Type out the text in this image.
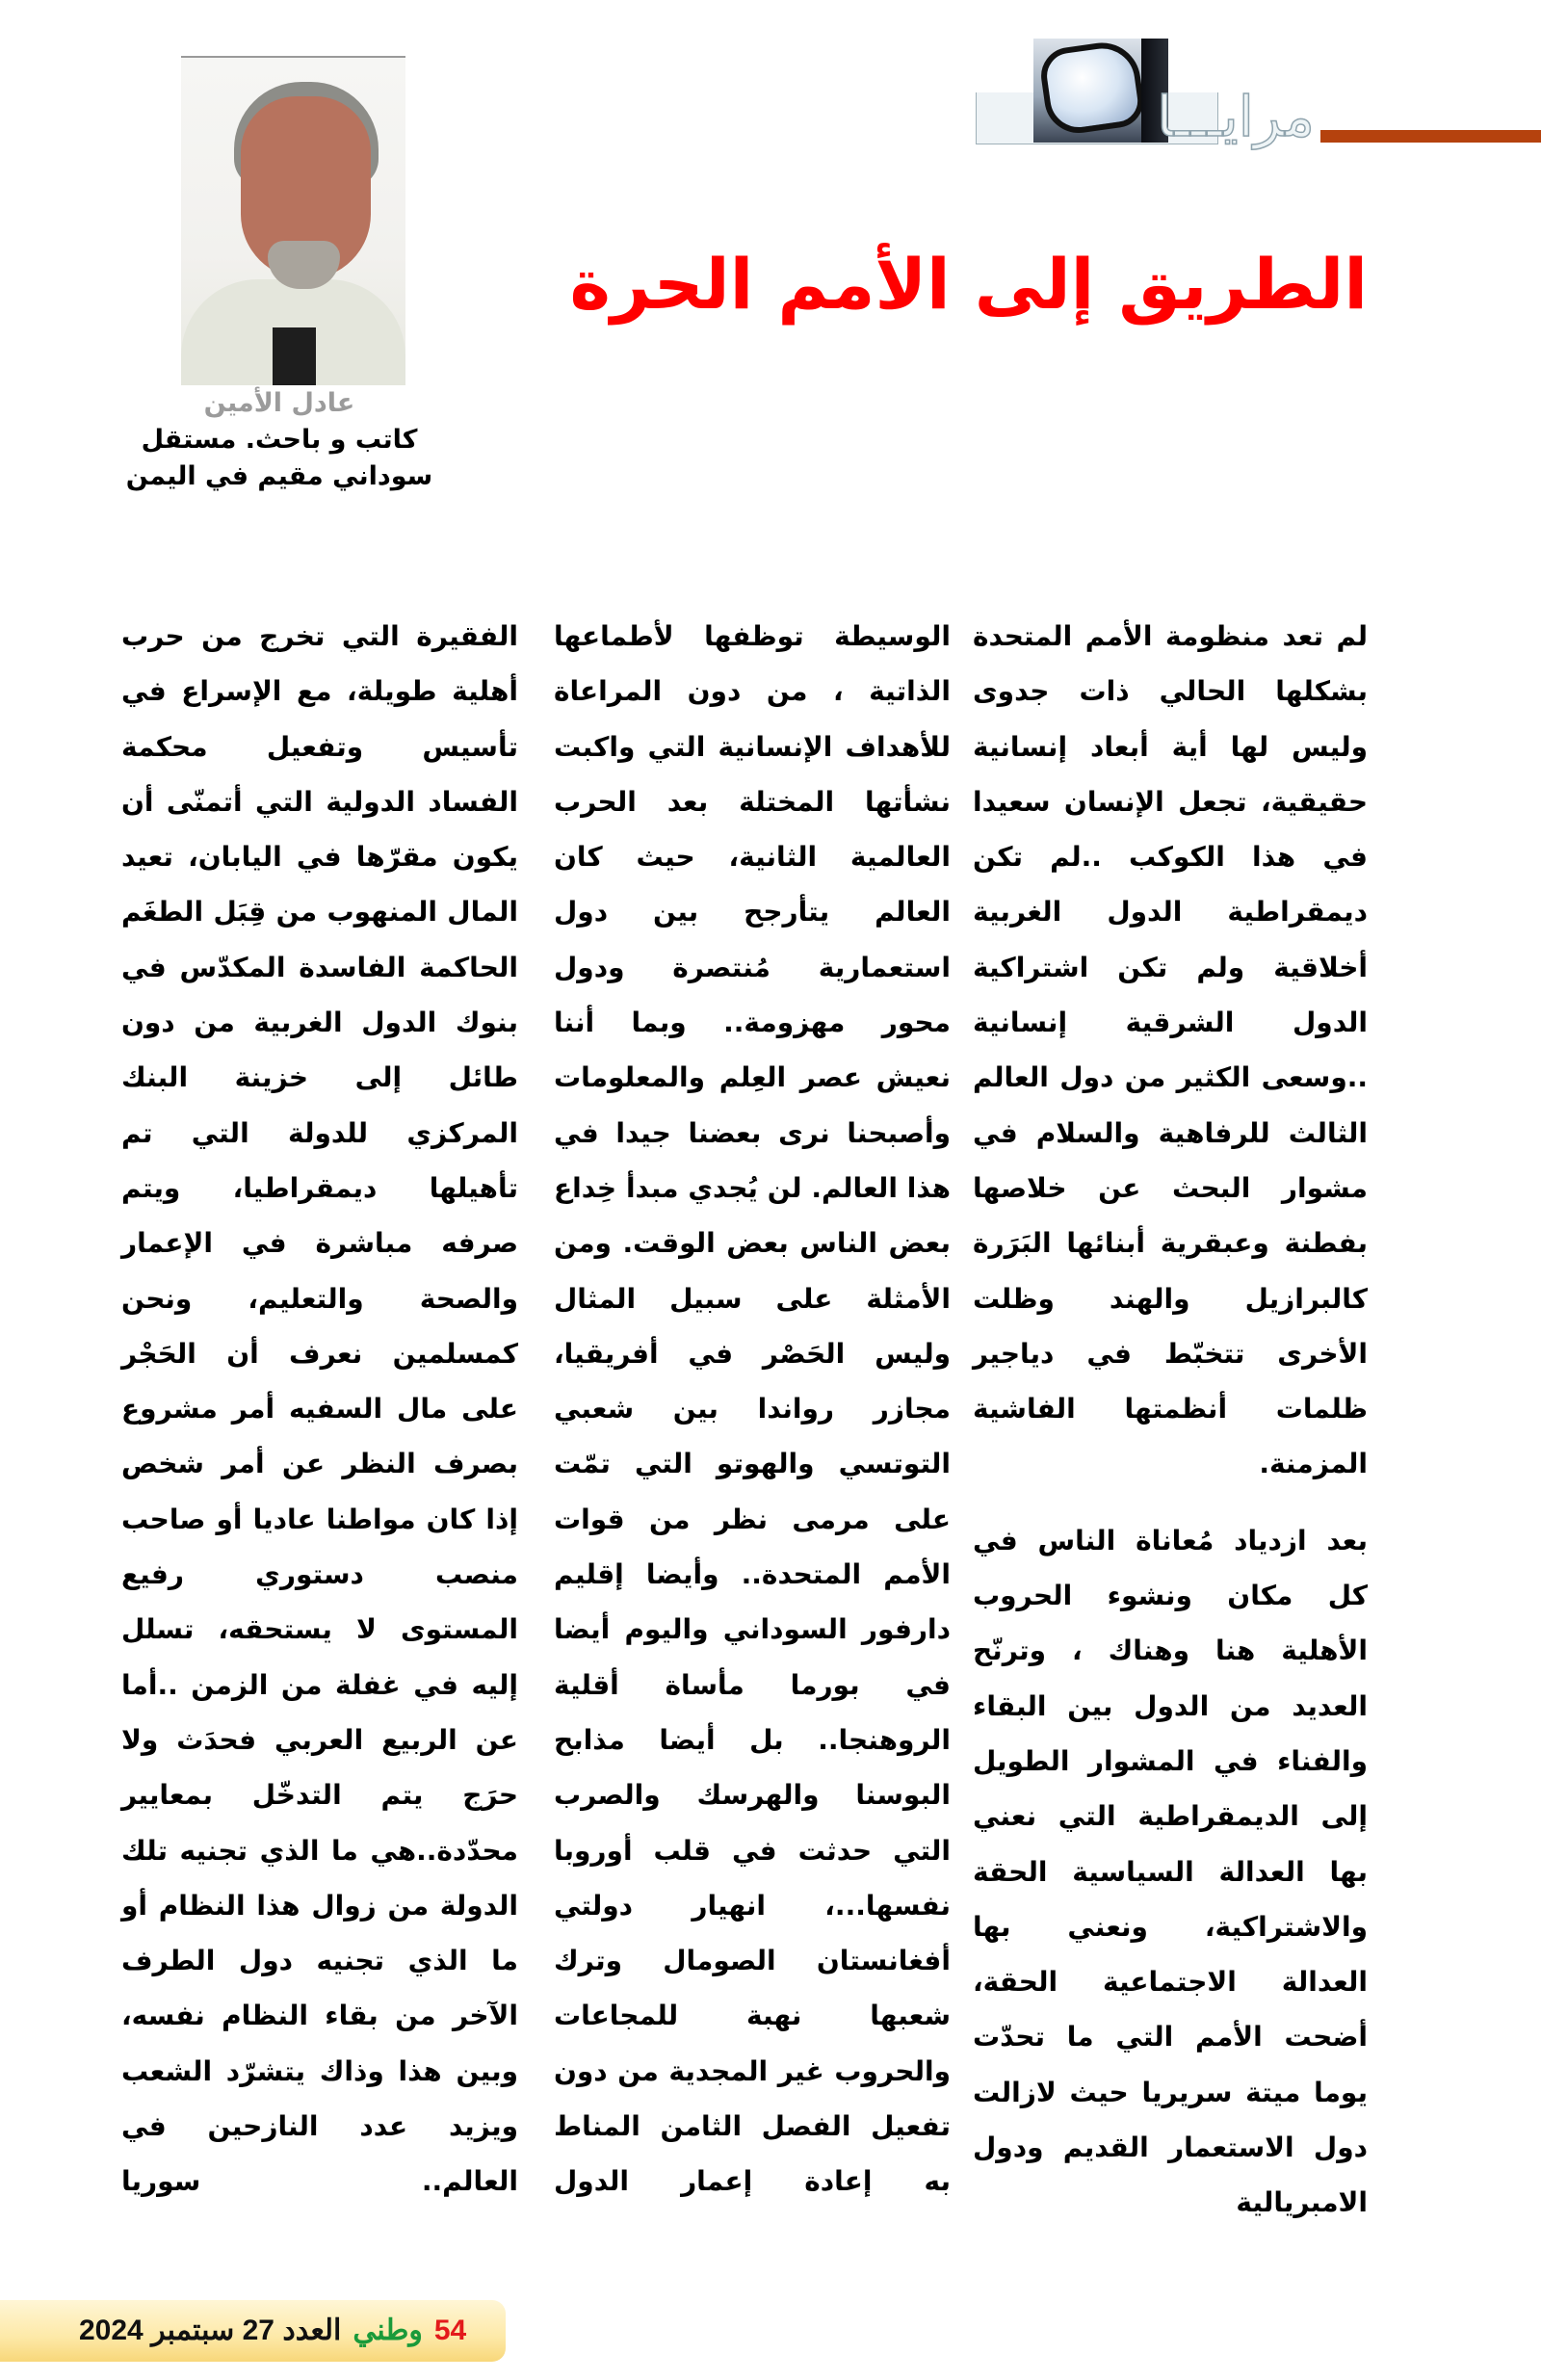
مرايـــا
الطريق إلى الأمم الحرة
عادل الأمين
كاتب و باحث. مستقل
سوداني مقيم في اليمن

لم تعد منظومة الأمم المتحدة بشكلها الحالي ذات جدوى وليس لها أية أبعاد إنسانية حقيقية، تجعل الإنسان سعيدا في هذا الكوكب ..لم تكن ديمقراطية الدول الغربية أخلاقية ولم تكن اشتراكية الدول الشرقية إنسانية ..وسعى الكثير من دول العالم الثالث للرفاهية والسلام في مشوار البحث عن خلاصها بفطنة وعبقرية أبنائها البَرَرة كالبرازيل والهند وظلت الأخرى تتخبّط في دياجير ظلمات أنظمتها الفاشية المزمنة.

بعد ازدياد مُعاناة الناس في كل مكان ونشوء الحروب الأهلية هنا وهناك ، وترنّح العديد من الدول بين البقاء والفناء في المشوار الطويل إلى الديمقراطية التي نعني بها العدالة السياسية الحقة والاشتراكية، ونعني بها العدالة الاجتماعية الحقة، أضحت الأمم التي ما تحدّت يوما ميتة سريريا حيث لازالت دول الاستعمار القديم ودول الامبريالية

الوسيطة توظفها لأطماعها الذاتية ، من دون المراعاة للأهداف الإنسانية التي واكبت نشأتها المختلة بعد الحرب العالمية الثانية، حيث كان العالم يتأرجح بين دول استعمارية مُنتصرة ودول محور مهزومة.. وبما أننا نعيش عصر العِلم والمعلومات وأصبحنا نرى بعضنا جيدا في هذا العالم. لن يُجدي مبدأ خِداع بعض الناس بعض الوقت. ومن الأمثلة على سبيل المثال وليس الحَصْر في أفريقيا، مجازر رواندا بين شعبي التوتسي والهوتو التي تمّت على مرمى نظر من قوات الأمم المتحدة.. وأيضا إقليم دارفور السوداني واليوم أيضا في بورما مأساة أقلية الروهنجا.. بل أيضا مذابح البوسنا والهرسك والصرب التي حدثت في قلب أوروبا نفسها...، انهيار دولتي أفغانستان الصومال وترك شعبها نهبة للمجاعات والحروب غير المجدية من دون تفعيل الفصل الثامن المناط به إعادة إعمار الدول

الفقيرة التي تخرج من حرب أهلية طويلة، مع الإسراع في تأسيس وتفعيل محكمة الفساد الدولية التي أتمنّى أن يكون مقرّها في اليابان، تعيد المال المنهوب من قِبَل الطغَم الحاكمة الفاسدة المكدّس في بنوك الدول الغربية من دون طائل إلى خزينة البنك المركزي للدولة التي تم تأهيلها ديمقراطيا، ويتم صرفه مباشرة في الإعمار والصحة والتعليم، ونحن كمسلمين نعرف أن الحَجْر على مال السفيه أمر مشروع بصرف النظر عن أمر شخص إذا كان مواطنا عاديا أو صاحب منصب دستوري رفيع المستوى لا يستحقه، تسلل إليه في غفلة من الزمن ..أما عن الربيع العربي فحدَث ولا حرَج يتم التدخّل بمعايير محدّدة..هي ما الذي تجنيه تلك الدولة من زوال هذا النظام أو ما الذي تجنيه دول الطرف الآخر من بقاء النظام نفسه، وبين هذا وذاك يتشرّد الشعب ويزيد عدد النازحين في العالم.. سوريا

54
وطني
العدد 27 سبتمبر 2024
